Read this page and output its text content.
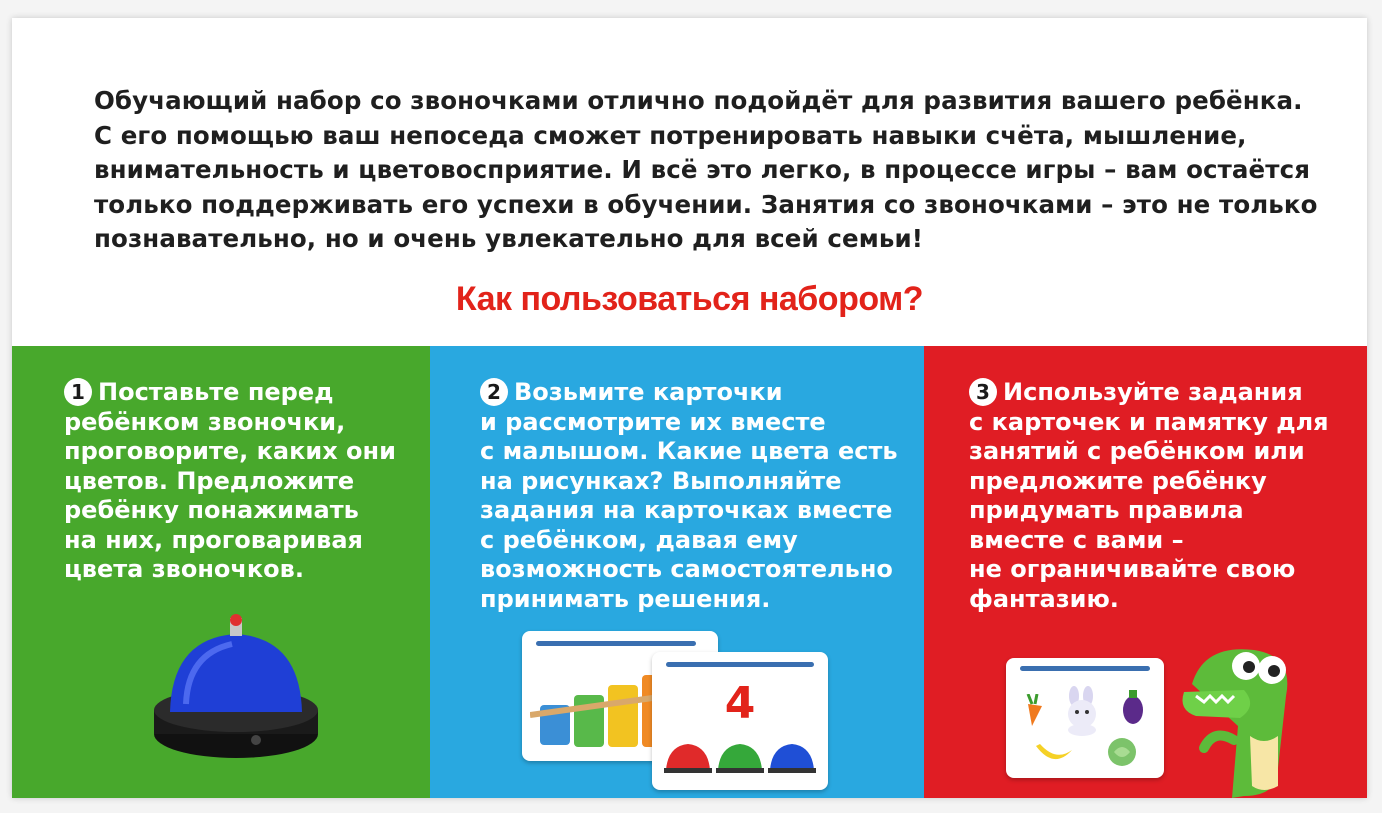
Обучающий набор со звоночками отлично подойдёт для развития вашего ребёнка.
С его помощью ваш непоседа сможет потренировать навыки счёта, мышление,
внимательность и цветовосприятие. И всё это легко, в процессе игры – вам остаётся
только поддерживать его успехи в обучении. Занятия со звоночками – это не только
познавательно, но и очень увлекательно для всей семьи!
Как пользоваться набором?
1 Поставьте перед
ребёнком звоночки,
проговорите, каких они
цветов. Предложите
ребёнку понажимать
на них, проговаривая
цвета звоночков.
2 Возьмите карточки
и рассмотрите их вместе
с малышом. Какие цвета есть
на рисунках? Выполняйте
задания на карточках вместе
с ребёнком, давая ему
возможность самостоятельно
принимать решения.
4
3 Используйте задания
с карточек и памятку для
занятий с ребёнком или
предложите ребёнку
придумать правила
вместе с вами –
не ограничивайте свою
фантазию.
